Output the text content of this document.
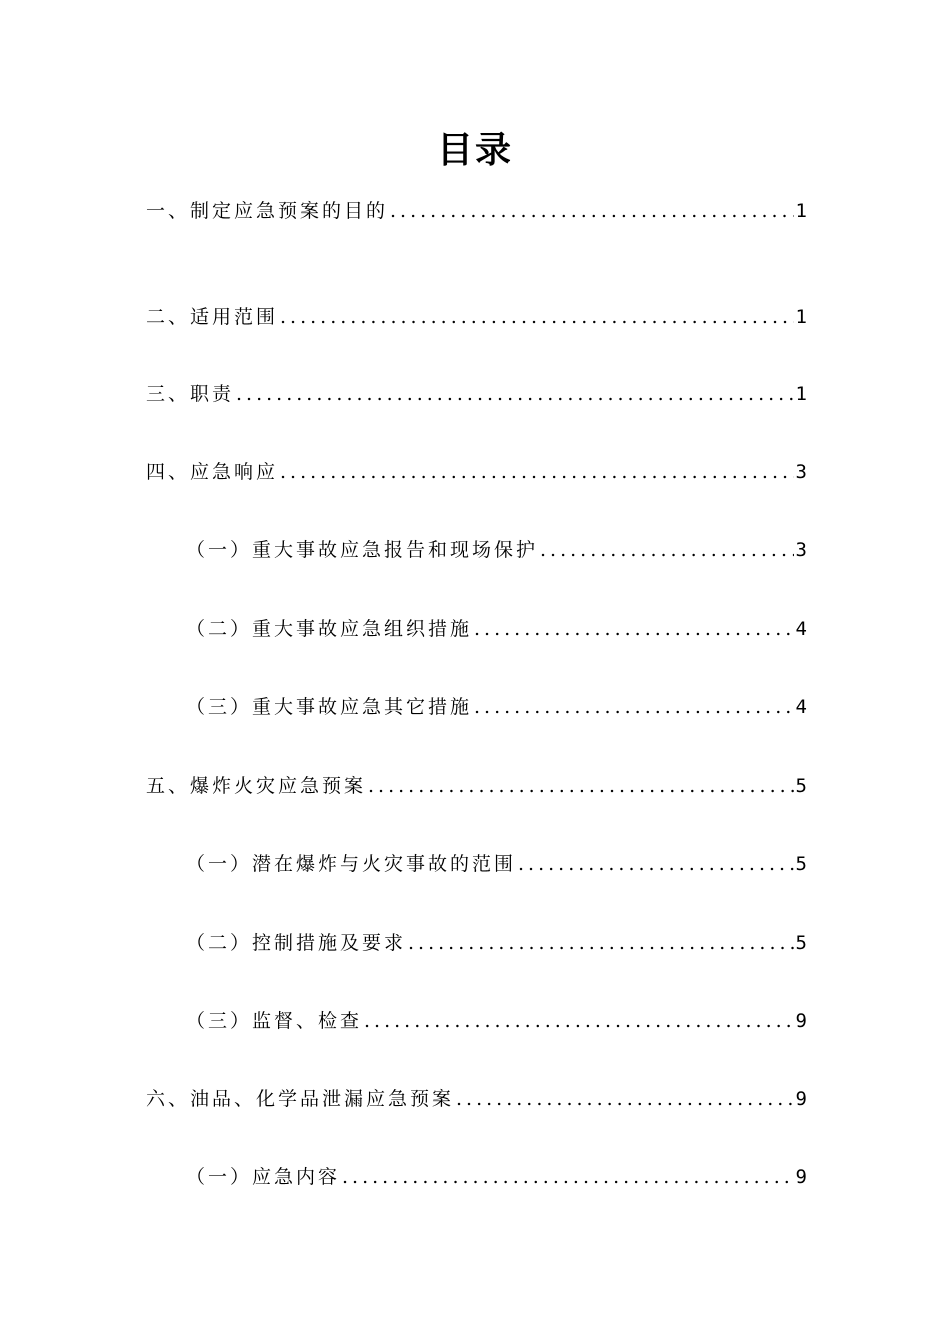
目录
一、制定应急预案的目的 .....	1
二、适用范围 .....	1
三、职责 .....	1
四、应急响应 .....	3
（一）重大事故应急报告和现场保护 .....	3
（二）重大事故应急组织措施 .....	4
（三）重大事故应急其它措施 .....	4
五、爆炸火灾应急预案 .....	5
（一）潜在爆炸与火灾事故的范围 .....	5
（二）控制措施及要求 .....	5
（三）监督、检查 .....	9
六、油品、化学品泄漏应急预案 .....	9
（一）应急内容 .....	9
